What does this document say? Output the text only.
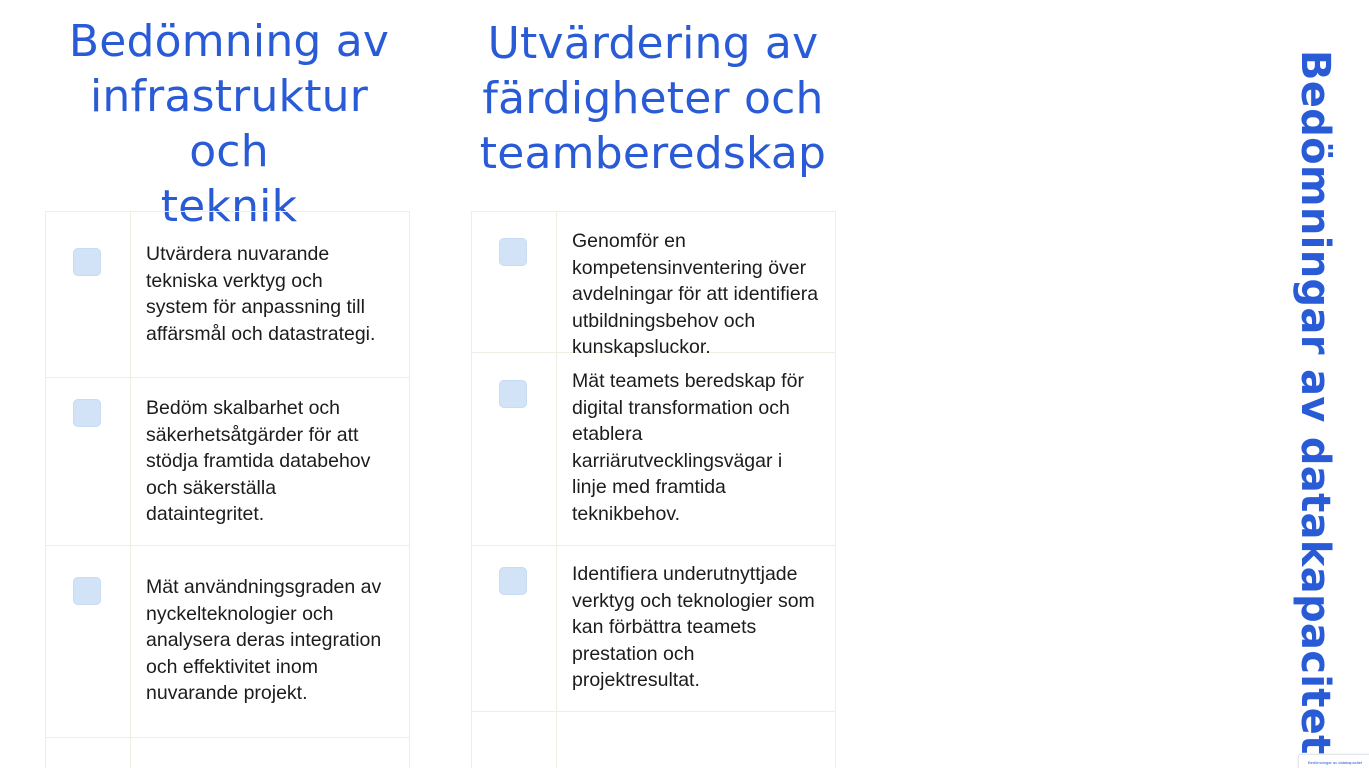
Bedömning av
infrastruktur och
teknik
Utvärdering av
färdigheter och
teamberedskap
Utvärdera nuvarande
tekniska verktyg och
system för anpassning till
affärsmål och datastrategi.
Bedöm skalbarhet och
säkerhetsåtgärder för att
stödja framtida databehov
och säkerställa
dataintegritet.
Mät användningsgraden av
nyckelteknologier och
analysera deras integration
och effektivitet inom
nuvarande projekt.
Genomför en
kompetensinventering över
avdelningar för att identifiera
utbildningsbehov och
kunskapsluckor.
Mät teamets beredskap för
digital transformation och
etablera
karriärutvecklingsvägar i
linje med framtida
teknikbehov.
Identifiera underutnyttjade
verktyg och teknologier som
kan förbättra teamets
prestation och
projektresultat.	Bedömningar av datakapacitet
Bedömningar av datakapacitet
